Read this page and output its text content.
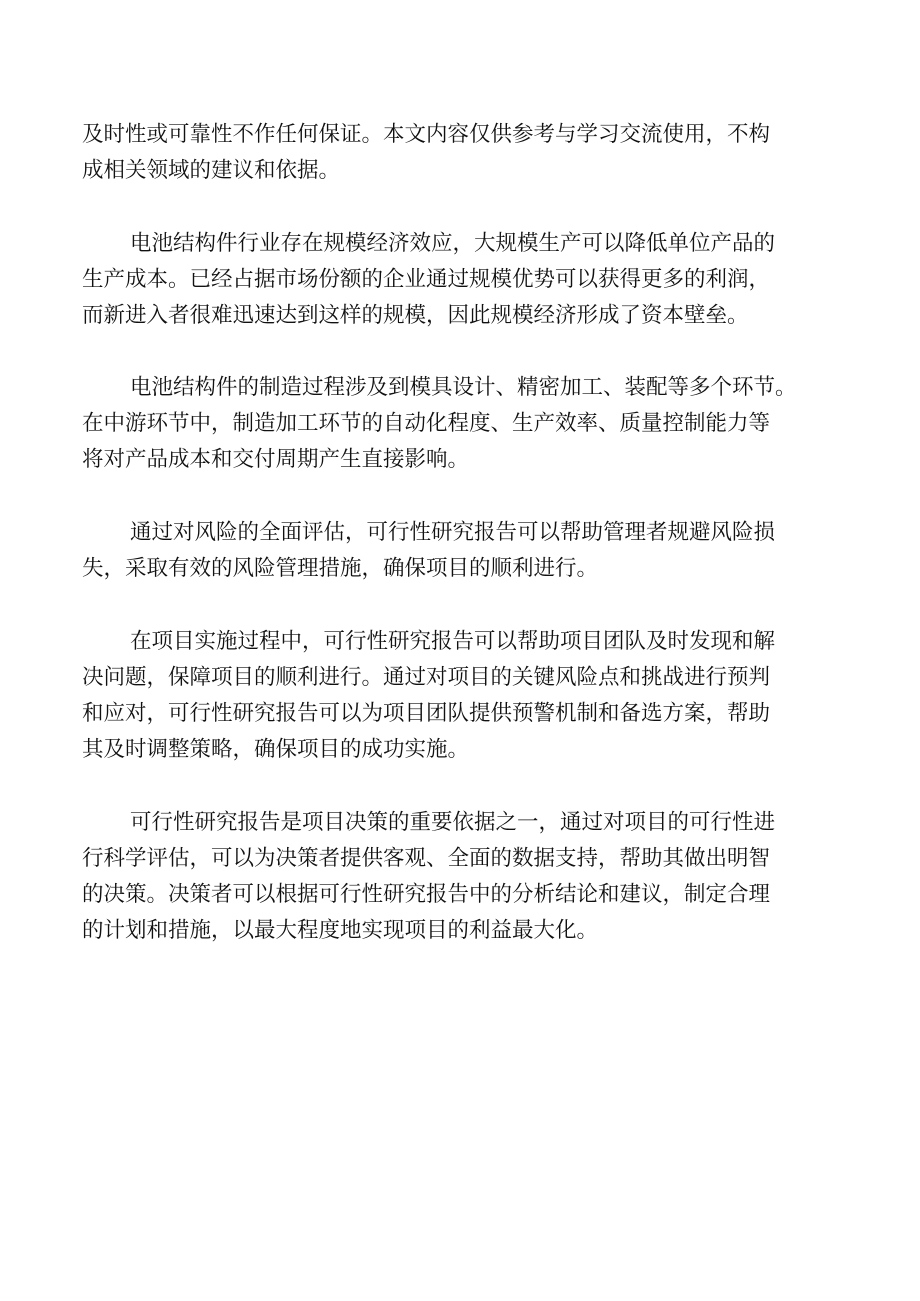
及时性或可靠性不作任何保证。本文内容仅供参考与学习交流使用，不构
成相关领域的建议和依据。
电池结构件行业存在规模经济效应，大规模生产可以降低单位产品的
生产成本。已经占据市场份额的企业通过规模优势可以获得更多的利润，
而新进入者很难迅速达到这样的规模，因此规模经济形成了资本壁垒。
电池结构件的制造过程涉及到模具设计、精密加工、装配等多个环节。
在中游环节中，制造加工环节的自动化程度、生产效率、质量控制能力等
将对产品成本和交付周期产生直接影响。
通过对风险的全面评估，可行性研究报告可以帮助管理者规避风险损
失，采取有效的风险管理措施，确保项目的顺利进行。
在项目实施过程中，可行性研究报告可以帮助项目团队及时发现和解
决问题，保障项目的顺利进行。通过对项目的关键风险点和挑战进行预判
和应对，可行性研究报告可以为项目团队提供预警机制和备选方案，帮助
其及时调整策略，确保项目的成功实施。
可行性研究报告是项目决策的重要依据之一，通过对项目的可行性进
行科学评估，可以为决策者提供客观、全面的数据支持，帮助其做出明智
的决策。决策者可以根据可行性研究报告中的分析结论和建议，制定合理
的计划和措施，以最大程度地实现项目的利益最大化。
